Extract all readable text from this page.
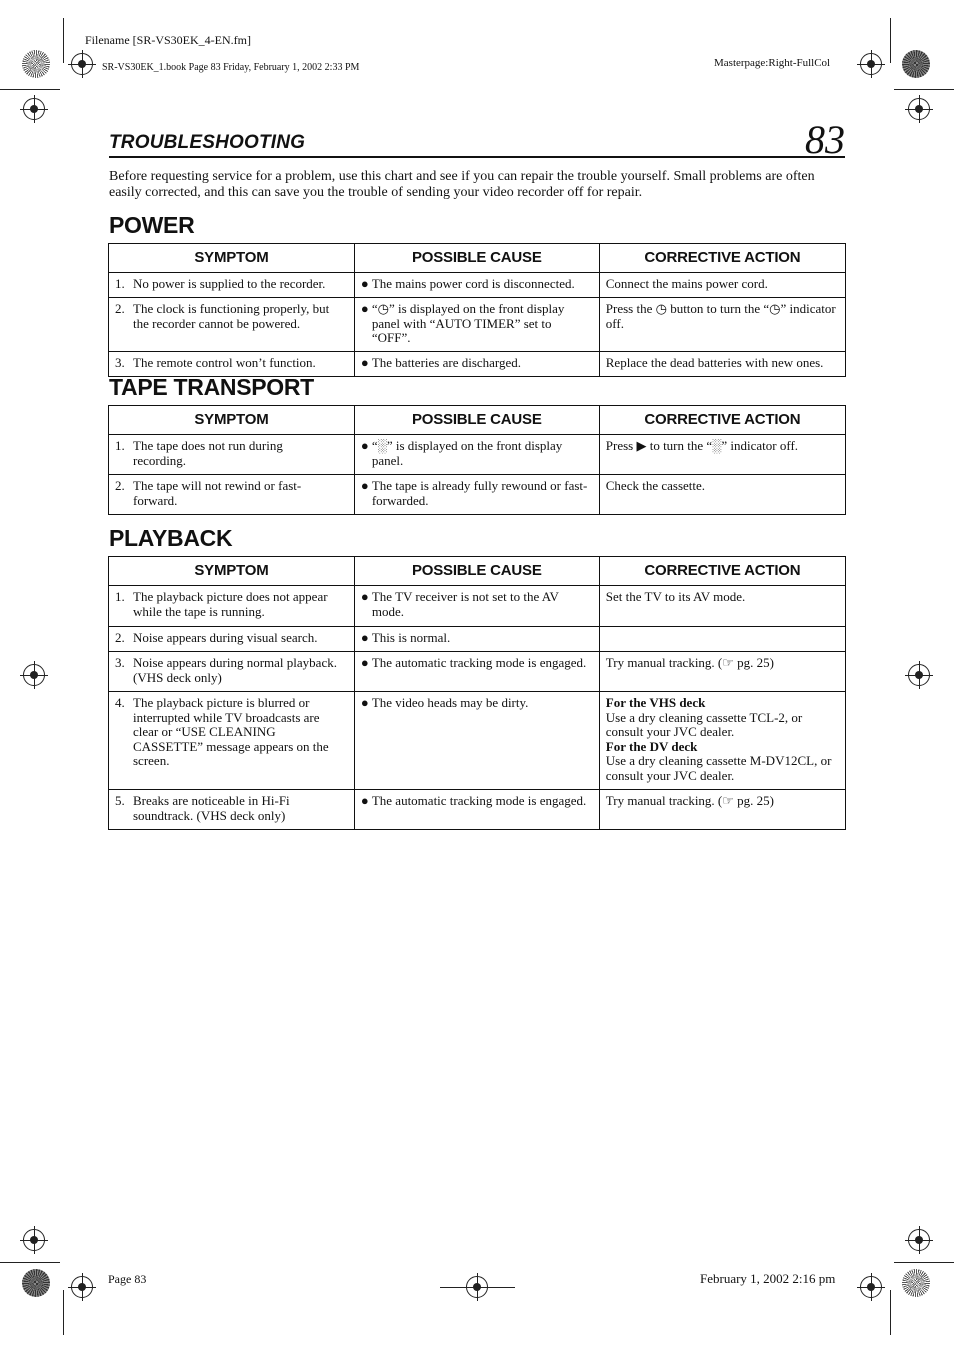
Filename [SR-VS30EK_4-EN.fm]
SR-VS30EK_1.book Page 83 Friday, February 1, 2002 2:33 PM	Masterpage:Right-FullCol
TROUBLESHOOTING	83
Before requesting service for a problem, use this chart and see if you can repair the trouble yourself. Small problems are often easily corrected, and this can save you the trouble of sending your video recorder off for repair.
POWER
SYMPTOM	POSSIBLE CAUSE	CORRECTIVE ACTION
1. No power is supplied to the recorder.	● The mains power cord is disconnected.	Connect the mains power cord.
2. The clock is functioning properly, but the recorder cannot be powered.	● “◷” is displayed on the front display panel with “AUTO TIMER” set to “OFF”.	Press the ◷ button to turn the “◷” indicator off.
3. The remote control won’t function.	● The batteries are discharged.	Replace the dead batteries with new ones.
TAPE TRANSPORT
SYMPTOM	POSSIBLE CAUSE	CORRECTIVE ACTION
1. The tape does not run during recording.	● “░” is displayed on the front display panel.	Press ▶ to turn the “░” indicator off.
2. The tape will not rewind or fast-forward.	● The tape is already fully rewound or fast-forwarded.	Check the cassette.
PLAYBACK
SYMPTOM	POSSIBLE CAUSE	CORRECTIVE ACTION
1. The playback picture does not appear while the tape is running.	● The TV receiver is not set to the AV mode.	Set the TV to its AV mode.
2. Noise appears during visual search.	● This is normal.	
3. Noise appears during normal playback. (VHS deck only)	● The automatic tracking mode is engaged.	Try manual tracking. (☞ pg. 25)
4. The playback picture is blurred or interrupted while TV broadcasts are clear or “USE CLEANING CASSETTE” message appears on the screen.	● The video heads may be dirty.	For the VHS deck
Use a dry cleaning cassette TCL-2, or consult your JVC dealer.
For the DV deck
Use a dry cleaning cassette M-DV12CL, or consult your JVC dealer.

5. Breaks are noticeable in Hi-Fi soundtrack. (VHS deck only)	● The automatic tracking mode is engaged.	Try manual tracking. (☞ pg. 25)
Page 83	February 1, 2002 2:16 pm
